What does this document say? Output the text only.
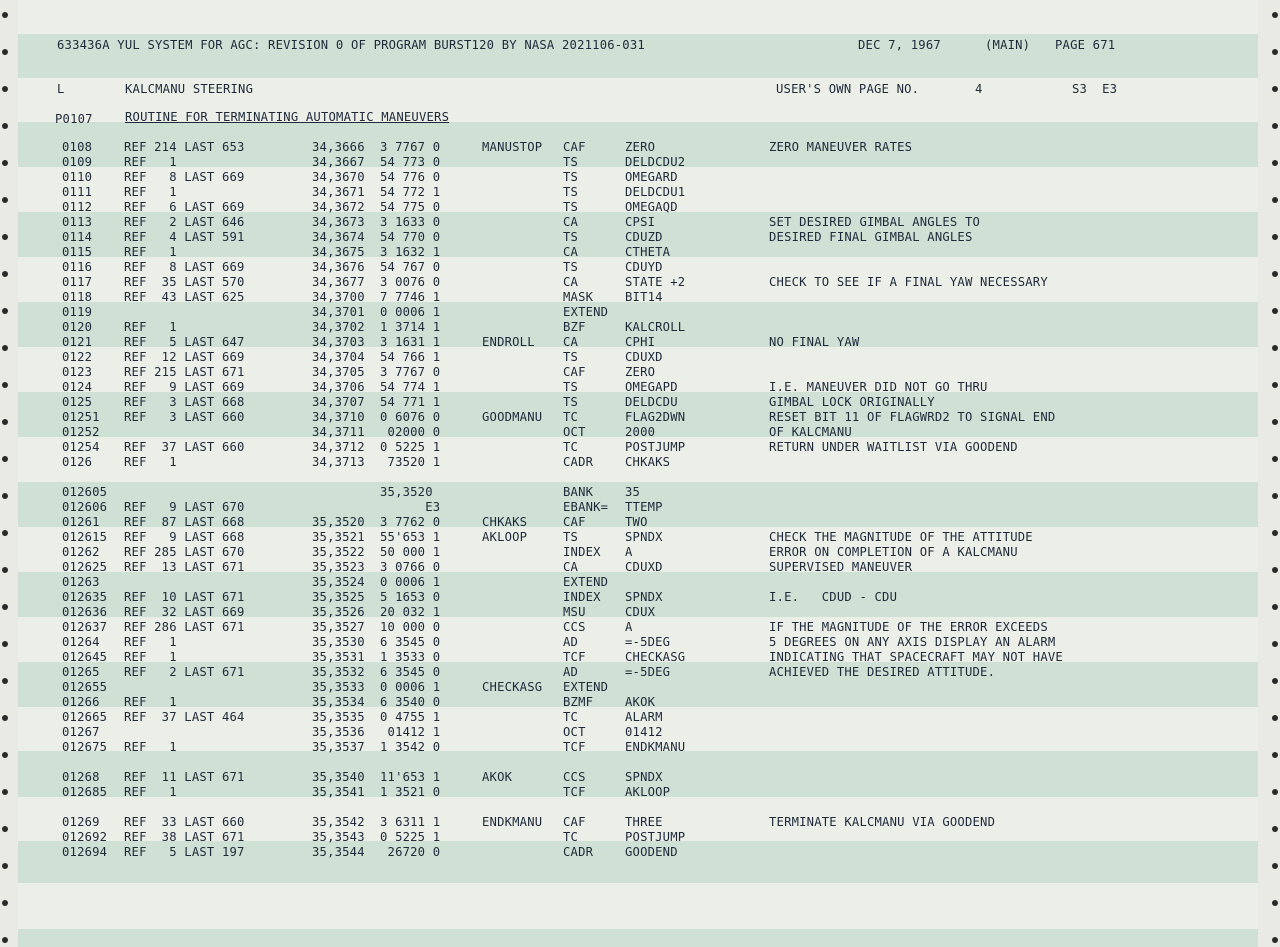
633436A YUL SYSTEM FOR AGC: REVISION 0 OF PROGRAM BURST120 BY NASA 2021106-031	DEC 7, 1967	(MAIN) PAGE 671
L	KALCMANU STEERING	USER'S OWN PAGE NO.	4	S3  E3
P0107	ROUTINE FOR TERMINATING AUTOMATIC MANEUVERS
0108	REF 214 LAST 653	34,3666 3 7767 0	MANUSTOP CAF	ZERO	ZERO MANEUVER RATES
0109	REF   1	34,3667 54 773 0	TS	DELDCDU2
0110	REF   8 LAST 669	34,3670 54 776 0	TS	OMEGARD
0111	REF   1	34,3671 54 772 1	TS	DELDCDU1
0112	REF   6 LAST 669	34,3672 54 775 0	TS	OMEGAQD
0113	REF   2 LAST 646	34,3673 3 1633 0	CA	CPSI	SET DESIRED GIMBAL ANGLES TO
0114	REF   4 LAST 591	34,3674 54 770 0	TS	CDUZD	DESIRED FINAL GIMBAL ANGLES
0115	REF   1	34,3675 3 1632 1	CA	CTHETA
0116	REF   8 LAST 669	34,3676 54 767 0	TS	CDUYD
0117	REF  35 LAST 570	34,3677 3 0076 0	CA	STATE +2	CHECK TO SEE IF A FINAL YAW NECESSARY
0118	REF  43 LAST 625	34,3700 7 7746 1	MASK	BIT14
0119	34,3701 0 0006 1	EXTEND
0120	REF   1	34,3702 1 3714 1	BZF	KALCROLL
0121	REF   5 LAST 647	34,3703 3 1631 1	ENDROLL CA	CPHI	NO FINAL YAW
0122	REF  12 LAST 669	34,3704 54 766 1	TS	CDUXD
0123	REF 215 LAST 671	34,3705 3 7767 0	CAF	ZERO
0124	REF   9 LAST 669	34,3706 54 774 1	TS	OMEGAPD	I.E. MANEUVER DID NOT GO THRU
0125	REF   3 LAST 668	34,3707 54 771 1	TS	DELDCDU	GIMBAL LOCK ORIGINALLY
01251 REF   3 LAST 660	34,3710 0 6076 0	GOODMANU TC	FLAG2DWN	RESET BIT 11 OF FLAGWRD2 TO SIGNAL END
01252	34,3711 02000 0	OCT	2000	OF KALCMANU
01254 REF  37 LAST 660	34,3712 0 5225 1	TC	POSTJUMP	RETURN UNDER WAITLIST VIA GOODEND
0126	REF   1	34,3713 73520 1	CADR	CHKAKS
012605	35,3520	BANK	35
012606 REF   9 LAST 670	E3	EBANK= TTEMP
01261 REF  87 LAST 668	35,3520 3 7762 0	CHKAKS	CAF	TWO
012615 REF   9 LAST 668	35,3521 55'653 1	AKLOOP	TS	SPNDX	CHECK THE MAGNITUDE OF THE ATTITUDE
01262 REF 285 LAST 670	35,3522 50 000 1	INDEX A	ERROR ON COMPLETION OF A KALCMANU
012625 REF  13 LAST 671	35,3523 3 0766 0	CA	CDUXD	SUPERVISED MANEUVER
01263	35,3524 0 0006 1	EXTEND
012635 REF  10 LAST 671	35,3525 5 1653 0	INDEX SPNDX	I.E.   CDUD - CDU
012636 REF  32 LAST 669	35,3526 20 032 1	MSU	CDUX
012637 REF 286 LAST 671	35,3527 10 000 0	CCS	A	IF THE MAGNITUDE OF THE ERROR EXCEEDS
01264 REF   1	35,3530 6 3545 0	AD	=-5DEG	5 DEGREES ON ANY AXIS DISPLAY AN ALARM
012645 REF   1	35,3531 1 3533 0	TCF	CHECKASG	INDICATING THAT SPACECRAFT MAY NOT HAVE
01265 REF   2 LAST 671	35,3532 6 3545 0	AD	=-5DEG	ACHIEVED THE DESIRED ATTITUDE.
012655	35,3533 0 0006 1	CHECKASG EXTEND
01266 REF   1	35,3534 6 3540 0	BZMF	AKOK
012665 REF  37 LAST 464	35,3535 0 4755 1	TC	ALARM
01267	35,3536 01412 1	OCT	01412
012675 REF   1	35,3537 1 3542 0	TCF	ENDKMANU
01268 REF  11 LAST 671	35,3540 11'653 1	AKOK	CCS	SPNDX
012685 REF   1	35,3541 1 3521 0	TCF	AKLOOP
01269 REF  33 LAST 660	35,3542 3 6311 1	ENDKMANU CAF	THREE	TERMINATE KALCMANU VIA GOODEND
012692 REF  38 LAST 671	35,3543 0 5225 1	TC	POSTJUMP
012694 REF   5 LAST 197	35,3544 26720 0	CADR	GOODEND
